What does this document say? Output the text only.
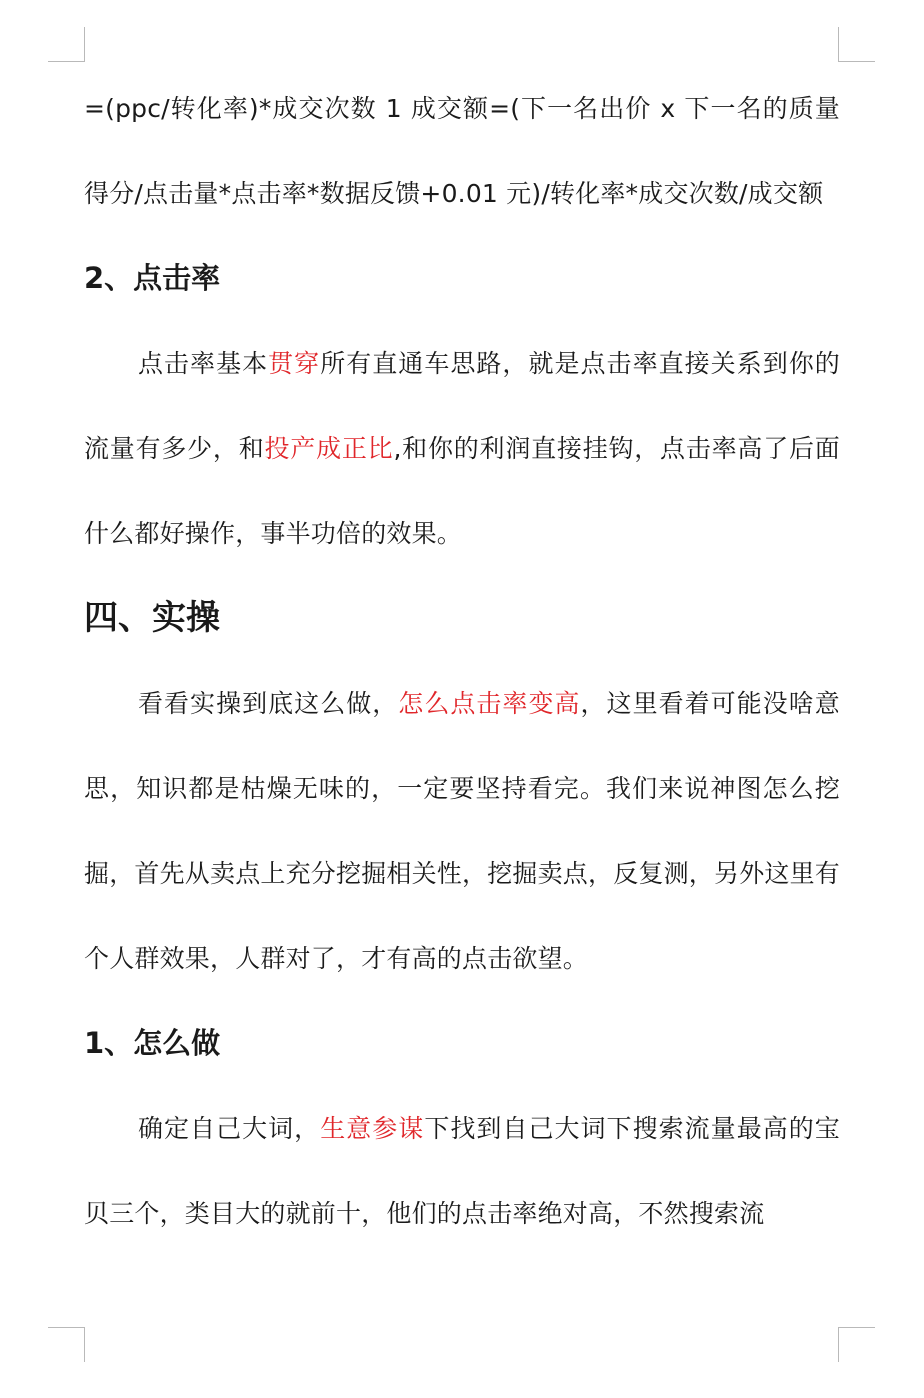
=(ppc/转化率)*成交次数 1 成交额=(下一名出价 x 下一名的质量得分/点击量*点击率*数据反馈+0.01 元)/转化率*成交次数/成交额

2、点击率

点击率基本贯穿所有直通车思路，就是点击率直接关系到你的流量有多少，和投产成正比,和你的利润直接挂钩，点击率高了后面什么都好操作，事半功倍的效果。

四、实操

看看实操到底这么做，怎么点击率变高，这里看着可能没啥意思，知识都是枯燥无味的，一定要坚持看完。我们来说神图怎么挖掘，首先从卖点上充分挖掘相关性，挖掘卖点，反复测，另外这里有个人群效果，人群对了，才有高的点击欲望。

1、怎么做

确定自己大词，生意参谋下找到自己大词下搜索流量最高的宝贝三个，类目大的就前十，他们的点击率绝对高，不然搜索流
